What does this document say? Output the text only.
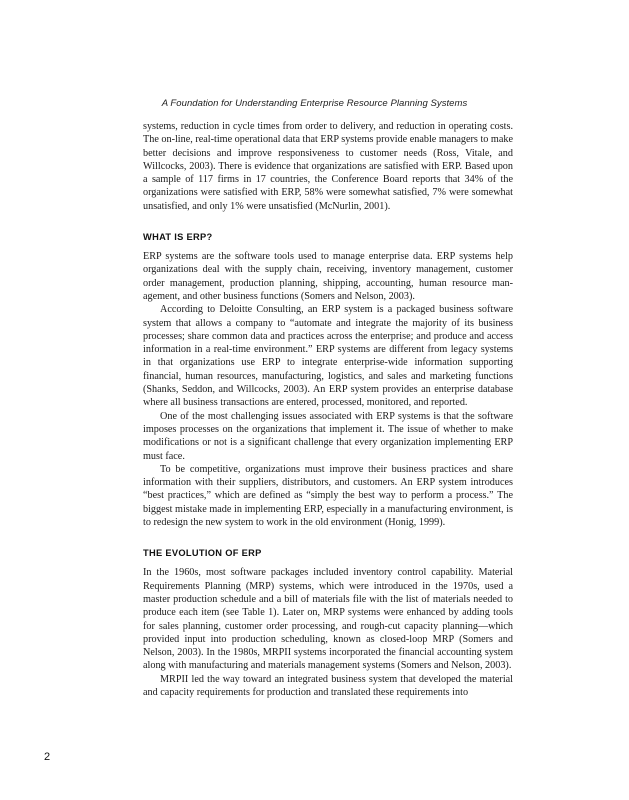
A Foundation for Understanding Enterprise Resource Planning Systems

systems, reduction in cycle times from order to delivery, and reduction in operating costs. The on-line, real-time operational data that ERP systems provide enable managers to make better decisions and improve responsiveness to customer needs (Ross, Vitale, and Willcocks, 2003). There is evidence that organizations are satisfied with ERP. Based upon a sample of 117 firms in 17 countries, the Conference Board reports that 34% of the organizations were satisfied with ERP, 58% were somewhat satisfied, 7% were somewhat unsatisfied, and only 1% were unsatisfied (McNurlin, 2001).

WHAT IS ERP?

ERP systems are the software tools used to manage enterprise data. ERP systems help organizations deal with the supply chain, receiving, inventory management, customer order management, production planning, shipping, accounting, human resource management, and other business functions (Somers and Nelson, 2003).

According to Deloitte Consulting, an ERP system is a packaged business software system that allows a company to “automate and integrate the majority of its business processes; share common data and practices across the enterprise; and produce and access information in a real-time environment.” ERP systems are different from legacy systems in that organizations use ERP to integrate enterprise-wide information supporting financial, human resources, manufacturing, logistics, and sales and marketing functions (Shanks, Seddon, and Willcocks, 2003). An ERP system provides an enterprise database where all business transactions are entered, processed, monitored, and reported.

One of the most challenging issues associated with ERP systems is that the software imposes processes on the organizations that implement it. The issue of whether to make modifications or not is a significant challenge that every organization implementing ERP must face.

To be competitive, organizations must improve their business practices and share information with their suppliers, distributors, and customers. An ERP system introduces “best practices,” which are defined as “simply the best way to perform a process.” The biggest mistake made in implementing ERP, especially in a manufacturing environment, is to redesign the new system to work in the old environment (Honig, 1999).

THE EVOLUTION OF ERP

In the 1960s, most software packages included inventory control capability. Material Requirements Planning (MRP) systems, which were introduced in the 1970s, used a master production schedule and a bill of materials file with the list of materials needed to produce each item (see Table 1). Later on, MRP systems were enhanced by adding tools for sales planning, customer order processing, and rough-cut capacity planning—which provided input into production scheduling, known as closed-loop MRP (Somers and Nelson, 2003). In the 1980s, MRPII systems incorporated the financial accounting system along with manufacturing and materials management systems (Somers and Nelson, 2003).

MRPII led the way toward an integrated business system that developed the material and capacity requirements for production and translated these requirements into

2
